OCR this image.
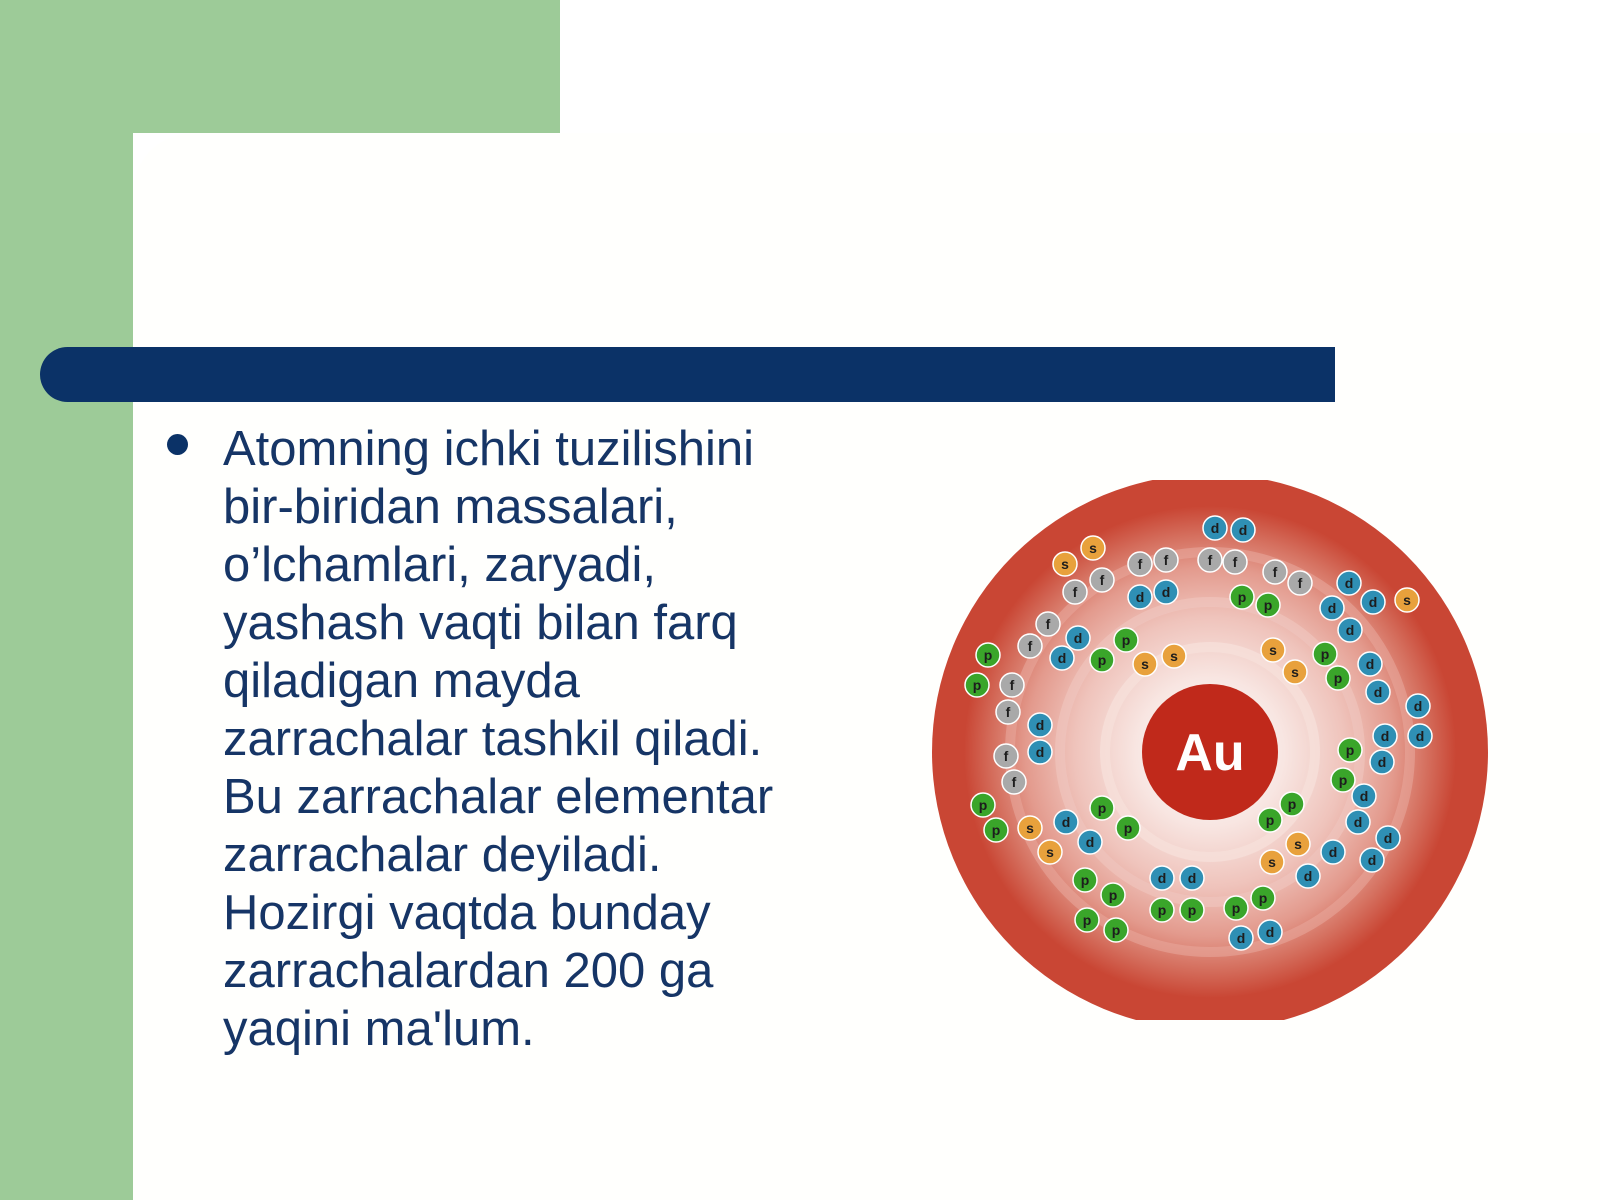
Atomning ichki tuzilishini
bir-biridan massalari,
o’lchamlari, zaryadi,
yashash vaqti bilan farq
qiladigan mayda
zarrachalar tashkil qiladi.
Bu zarrachalar elementar
zarrachalar deyiladi.
Hozirgi vaqtda bunday
zarrachalardan 200 ga
yaqini ma'lum.
Au
d d
s
s
f f	f f
f
f
f
f
d d	p p
d
d s
d
d
f
f	d
d
p
p s s	s
s
p
p
d
d
p
p f
f
d
d
d
d
d
d
p
p
f
f
p
p s
s
d
d
p
p
p
p
s
s
d
d
d
d
d
d
p
p
d d
p p	p
p
p
p	d d
